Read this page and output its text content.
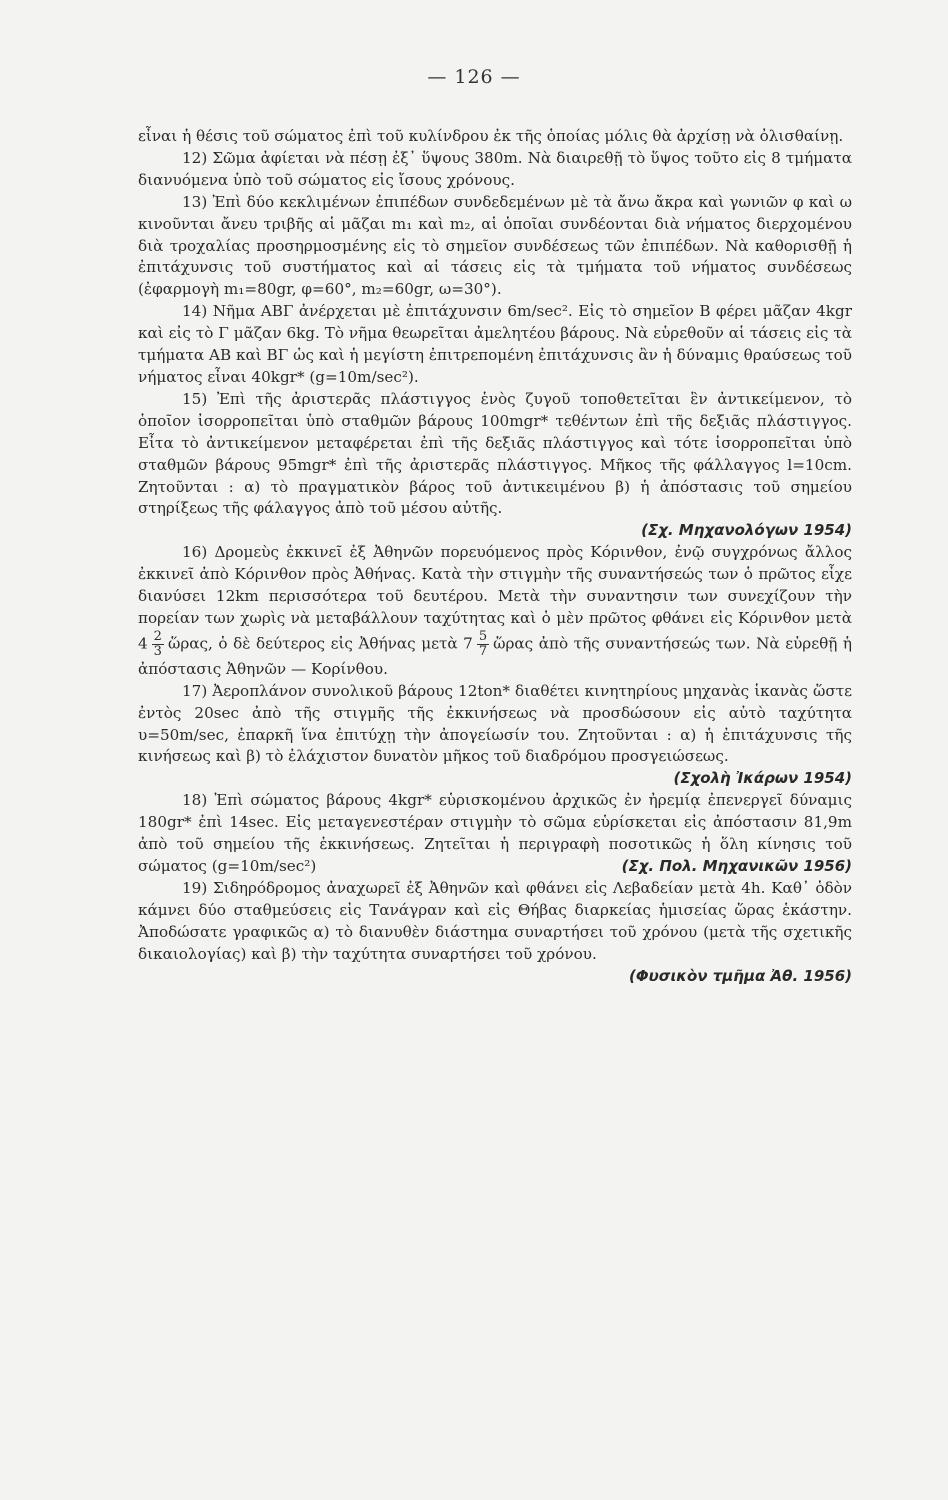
— 126 —

εἶναι ἡ θέσις τοῦ σώματος ἐπὶ τοῦ κυλίνδρου ἐκ τῆς ὁποίας μόλις θὰ ἀρχίσῃ νὰ ὀλισθαίνῃ.

12) Σῶμα ἀφίεται νὰ πέσῃ ἐξ᾽ ὕψους 380m. Νὰ διαιρεθῇ τὸ ὕψος τοῦτο εἰς 8 τμήματα διανυόμενα ὑπὸ τοῦ σώματος εἰς ἴσους χρόνους.

13) Ἐπὶ δύο κεκλιμένων ἐπιπέδων συνδεδεμένων μὲ τὰ ἄνω ἄκρα καὶ γωνιῶν φ καὶ ω κινοῦνται ἄνευ τριβῆς αἱ μᾶζαι m₁ καὶ m₂, αἱ ὁποῖαι συνδέονται διὰ νήματος διερχομένου διὰ τροχαλίας προσηρμοσμένης εἰς τὸ σημεῖον συνδέσεως τῶν ἐπιπέδων. Νὰ καθορισθῇ ἡ ἐπιτάχυνσις τοῦ συστήματος καὶ αἱ τάσεις εἰς τὰ τμήματα τοῦ νήματος συνδέσεως (ἐφαρμογὴ m₁=80gr, φ=60°, m₂=60gr, ω=30°).

14) Νῆμα ΑΒΓ ἀνέρχεται μὲ ἐπιτάχυνσιν 6m/sec². Εἰς τὸ σημεῖον Β φέρει μᾶζαν 4kgr καὶ εἰς τὸ Γ μᾶζαν 6kg. Τὸ νῆμα θεωρεῖται ἀμελητέου βάρους. Νὰ εὑρεθοῦν αἱ τάσεις εἰς τὰ τμήματα ΑΒ καὶ ΒΓ ὡς καὶ ἡ μεγίστη ἐπιτρεπομένη ἐπιτάχυνσις ἂν ἡ δύναμις θραύσεως τοῦ νήματος εἶναι 40kgr* (g=10m/sec²).

15) Ἐπὶ τῆς ἀριστερᾶς πλάστιγγος ἑνὸς ζυγοῦ τοποθετεῖται ἓν ἀντικείμενον, τὸ ὁποῖον ἰσορροπεῖται ὑπὸ σταθμῶν βάρους 100mgr* τεθέντων ἐπὶ τῆς δεξιᾶς πλάστιγγος. Εἶτα τὸ ἀντικείμενον μεταφέρεται ἐπὶ τῆς δεξιᾶς πλάστιγγος καὶ τότε ἰσορροπεῖται ὑπὸ σταθμῶν βάρους 95mgr* ἐπὶ τῆς ἀριστερᾶς πλάστιγγος. Μῆκος τῆς φάλλαγγος l=10cm. Ζητοῦνται : α) τὸ πραγματικὸν βάρος τοῦ ἀντικειμένου β) ἡ ἀπόστασις τοῦ σημείου στηρίξεως τῆς φάλαγγος ἀπὸ τοῦ μέσου αὐτῆς.

(Σχ. Μηχανολόγων 1954)

16) Δρομεὺς ἐκκινεῖ ἐξ Ἀθηνῶν πορευόμενος πρὸς Κόρινθον, ἐνῷ συγχρόνως ἄλλος ἐκκινεῖ ἀπὸ Κόρινθον πρὸς Ἀθήνας. Κατὰ τὴν στιγμὴν τῆς συναντήσεώς των ὁ πρῶτος εἶχε διανύσει 12km περισσότερα τοῦ δευτέρου. Μετὰ τὴν συναντησιν των συνεχίζουν τὴν πορείαν των χωρὶς νὰ μεταβάλλουν ταχύτητας καὶ ὁ μὲν πρῶτος φθάνει εἰς Κόρινθον μετὰ $4 \frac{2}{3}$ ὥρας, ὁ δὲ δεύτερος εἰς Ἀθήνας μετὰ $7 \frac{5}{7}$ ὥρας ἀπὸ τῆς συναντήσεώς των. Νὰ εὑρεθῇ ἡ ἀπόστασις Ἀθηνῶν — Κορίνθου.

17) Ἀεροπλάνον συνολικοῦ βάρους 12ton* διαθέτει κινητηρίους μηχανὰς ἱκανὰς ὥστε ἐντὸς 20sec ἀπὸ τῆς στιγμῆς τῆς ἐκκινήσεως νὰ προσδώσουν εἰς αὐτὸ ταχύτητα υ=50m/sec, ἐπαρκῆ ἵνα ἐπιτύχῃ τὴν ἀπογείωσίν του. Ζητοῦνται : α) ἡ ἐπιτάχυνσις τῆς κινήσεως καὶ β) τὸ ἐλάχιστον δυνατὸν μῆκος τοῦ διαδρόμου προσγειώσεως.
(Σχολὴ Ἰκάρων 1954)

18) Ἐπὶ σώματος βάρους 4kgr* εὑρισκομένου ἀρχικῶς ἐν ἠρεμίᾳ ἐπενεργεῖ δύναμις 180gr* ἐπὶ 14sec. Εἰς μεταγενεστέραν στιγμὴν τὸ σῶμα εὑρίσκεται εἰς ἀπόστασιν 81,9m ἀπὸ τοῦ σημείου τῆς ἐκκινήσεως. Ζητεῖται ἡ περιγραφὴ ποσοτικῶς ἡ ὅλη κίνησις τοῦ σώματος (g=10m/sec²)	(Σχ. Πολ. Μηχανικῶν 1956)

19) Σιδηρόδρομος ἀναχωρεῖ ἐξ Ἀθηνῶν καὶ φθάνει εἰς Λεβαδείαν μετὰ 4h. Καθ᾽ ὁδὸν κάμνει δύο σταθμεύσεις εἰς Τανάγραν καὶ εἰς Θήβας διαρκείας ἡμισείας ὥρας ἑκάστην. Ἀποδώσατε γραφικῶς α) τὸ διανυθὲν διάστημα συναρτήσει τοῦ χρόνου (μετὰ τῆς σχετικῆς δικαιολογίας) καὶ β) τὴν ταχύτητα συναρτήσει τοῦ χρόνου.

(Φυσικὸν τμῆμα Ἀθ. 1956)
